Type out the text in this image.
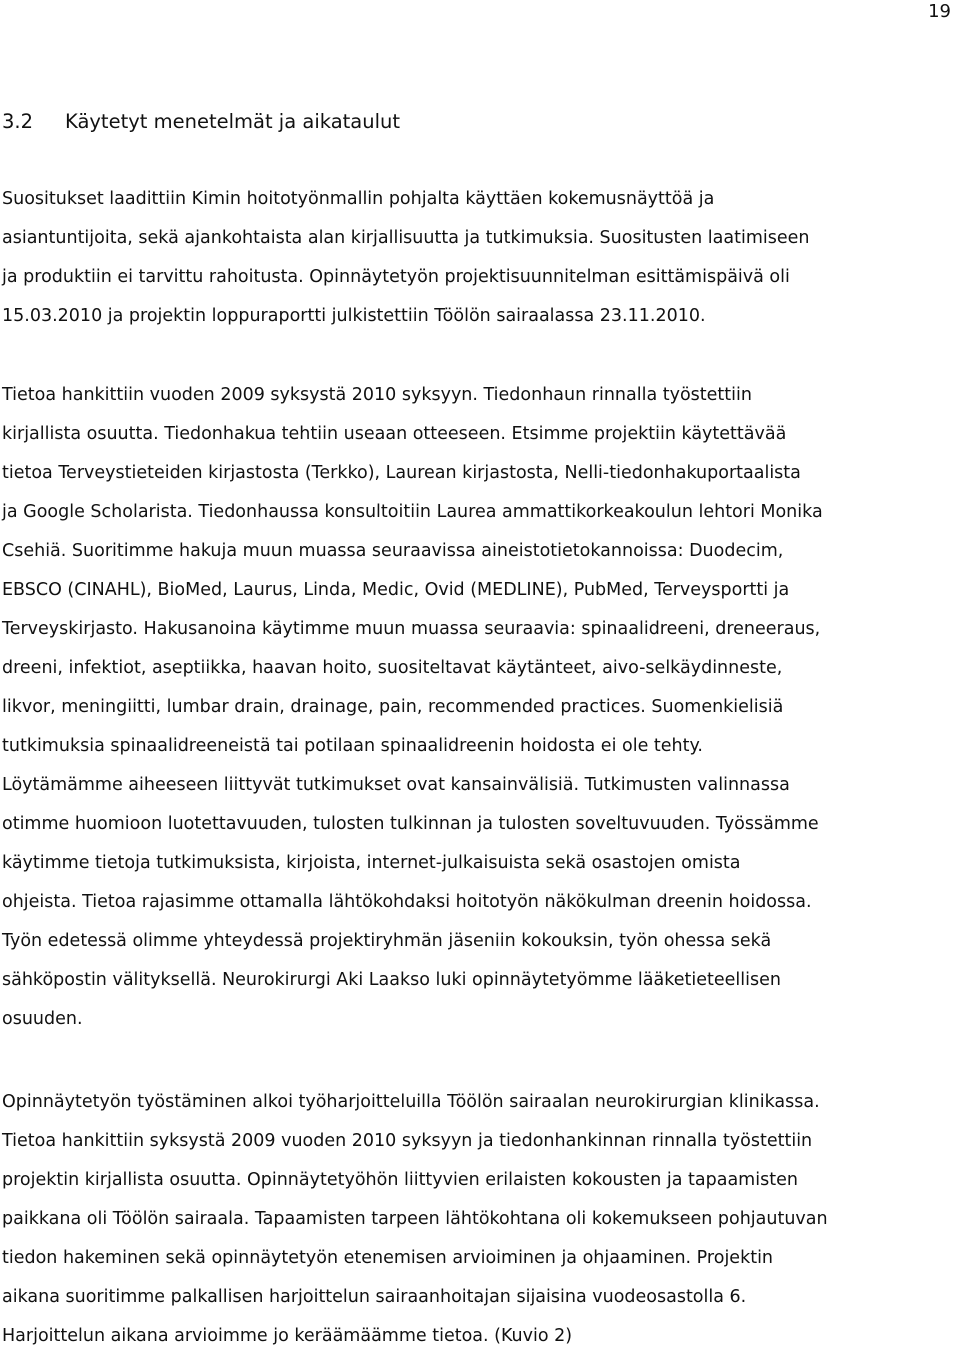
19
3.2 Käytetyt menetelmät ja aikataulut
Suositukset laadittiin Kimin hoitotyönmallin pohjalta käyttäen kokemusnäyttöä ja
asiantuntijoita, sekä ajankohtaista alan kirjallisuutta ja tutkimuksia. Suositusten laatimiseen
ja produktiin ei tarvittu rahoitusta. Opinnäytetyön projektisuunnitelman esittämispäivä oli
15.03.2010 ja projektin loppuraportti julkistettiin Töölön sairaalassa 23.11.2010.
Tietoa hankittiin vuoden 2009 syksystä 2010 syksyyn. Tiedonhaun rinnalla työstettiin
kirjallista osuutta. Tiedonhakua tehtiin useaan otteeseen. Etsimme projektiin käytettävää
tietoa Terveystieteiden kirjastosta (Terkko), Laurean kirjastosta, Nelli-tiedonhakuportaalista
ja Google Scholarista. Tiedonhaussa konsultoitiin Laurea ammattikorkeakoulun lehtori Monika
Csehiä. Suoritimme hakuja muun muassa seuraavissa aineistotietokannoissa: Duodecim,
EBSCO (CINAHL), BioMed, Laurus, Linda, Medic, Ovid (MEDLINE), PubMed, Terveysportti ja
Terveyskirjasto. Hakusanoina käytimme muun muassa seuraavia: spinaalidreeni, dreneeraus,
dreeni, infektiot, aseptiikka, haavan hoito, suositeltavat käytänteet, aivo-selkäydinneste,
likvor, meningiitti, lumbar drain, drainage, pain, recommended practices. Suomenkielisiä
tutkimuksia spinaalidreeneistä tai potilaan spinaalidreenin hoidosta ei ole tehty.
Löytämämme aiheeseen liittyvät tutkimukset ovat kansainvälisiä. Tutkimusten valinnassa
otimme huomioon luotettavuuden, tulosten tulkinnan ja tulosten soveltuvuuden. Työssämme
käytimme tietoja tutkimuksista, kirjoista, internet-julkaisuista sekä osastojen omista
ohjeista. Tietoa rajasimme ottamalla lähtökohdaksi hoitotyön näkökulman dreenin hoidossa.
Työn edetessä olimme yhteydessä projektiryhmän jäseniin kokouksin, työn ohessa sekä
sähköpostin välityksellä. Neurokirurgi Aki Laakso luki opinnäytetyömme lääketieteellisen
osuuden.
Opinnäytetyön työstäminen alkoi työharjoitteluilla Töölön sairaalan neurokirurgian klinikassa.
Tietoa hankittiin syksystä 2009 vuoden 2010 syksyyn ja tiedonhankinnan rinnalla työstettiin
projektin kirjallista osuutta. Opinnäytetyöhön liittyvien erilaisten kokousten ja tapaamisten
paikkana oli Töölön sairaala. Tapaamisten tarpeen lähtökohtana oli kokemukseen pohjautuvan
tiedon hakeminen sekä opinnäytetyön etenemisen arvioiminen ja ohjaaminen. Projektin
aikana suoritimme palkallisen harjoittelun sairaanhoitajan sijaisina vuodeosastolla 6.
Harjoittelun aikana arvioimme jo keräämäämme tietoa. (Kuvio 2)
